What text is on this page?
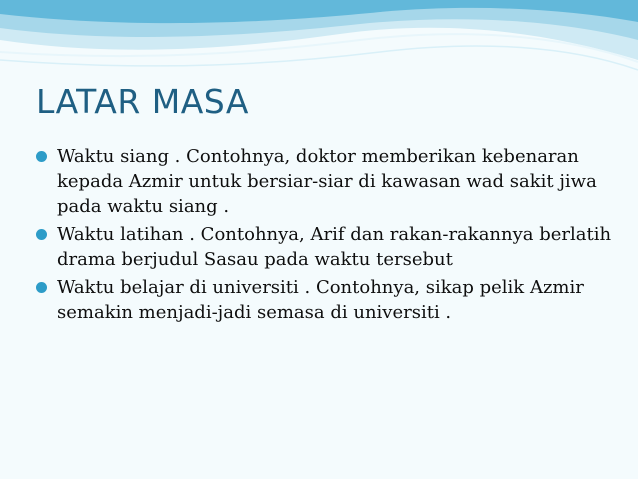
LATAR MASA
Waktu siang . Contohnya, doktor memberikan kebenaran kepada Azmir untuk bersiar-siar di kawasan wad sakit jiwa pada waktu siang .
Waktu latihan . Contohnya, Arif dan rakan-rakannya berlatih drama berjudul Sasau pada waktu tersebut
Waktu belajar di universiti . Contohnya, sikap pelik Azmir semakin menjadi-jadi semasa di universiti .
